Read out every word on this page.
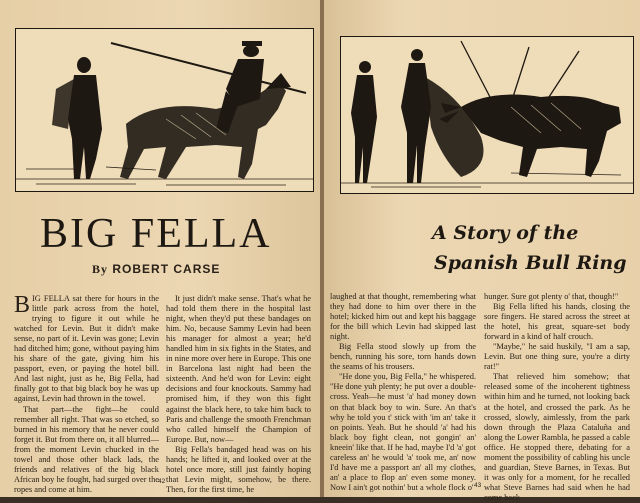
BIG FELLA
By ROBERT CARSE

BIG FELLA sat there for hours in the little park across from the hotel, trying to figure it out while he watched for Levin. But it didn't make sense, no part of it. Levin was gone; Levin had ditched him; gone, without paying him his share of the gate, giving him his passport, even, or paying the hotel bill. And last night, just as he, Big Fella, had finally got to that big black boy he was up against, Levin had thrown in the towel.

That part—the fight—he could remember all right. That was so etched, so burned in his memory that he never could forget it. But from there on, it all blurred—from the moment Levin chucked in the towel and those other black lads, the friends and relatives of the big black African boy he fought, had surged over the ropes and come at him.

It just didn't make sense. That's what he had told them there in the hospital last night, when they'd put these bandages on him. No, because Sammy Levin had been his manager for almost a year; he'd handled him in six fights in the States, and in nine more over here in Europe. This one in Barcelona last night had been the sixteenth. And he'd won for Levin: eight decisions and four knockouts. Sammy had promised him, if they won this fight against the black here, to take him back to Paris and challenge the smooth Frenchman who called himself the Champion of Europe. But, now—

Big Fella's bandaged head was on his hands; he lifted it, and looked over at the hotel once more, still just faintly hoping that Levin might, somehow, be there. Then, for the first time, he

42
A Story of the
Spanish Bull Ring

laughed at that thought, remembering what they had done to him over there in the hotel; kicked him out and kept his baggage for the bill which Levin had skipped last night.

Big Fella stood slowly up from the bench, running his sore, torn hands down the seams of his trousers.

"He done you, Big Fella," he whispered. "He done yuh plenty; he put over a double-cross. Yeah—he must 'a' had money down on that black boy to win. Sure. An that's why he told you t' stick with 'im an' take it on points. Yeah. But he should 'a' had his black boy fight clean, not gongin' an' kneein' like that. If he had, maybe I'd 'a' got careless an' he would 'a' took me, an' now I'd have me a passport an' all my clothes, an' a place to flop an' even some money. Now I ain't got nothin' but a whole flock o'

hunger. Sure got plenty o' that, though!"

Big Fella lifted his hands, closing the sore fingers. He stared across the street at the hotel, his great, square-set body forward in a kind of half crouch.

"Maybe," he said huskily, "I am a sap, Levin. But one thing sure, you're a dirty rat!"

That relieved him somehow; that released some of the incoherent tightness within him and he turned, not looking back at the hotel, and crossed the park. As he crossed, slowly, aimlessly, from the park down through the Plaza Cataluña and along the Lower Rambla, he passed a cable office. He stopped there, debating for a moment the possibility of cabling his uncle and guardian, Steve Barnes, in Texas. But it was only for a moment, for he recalled what Steve Barnes had said when he had come back

43
